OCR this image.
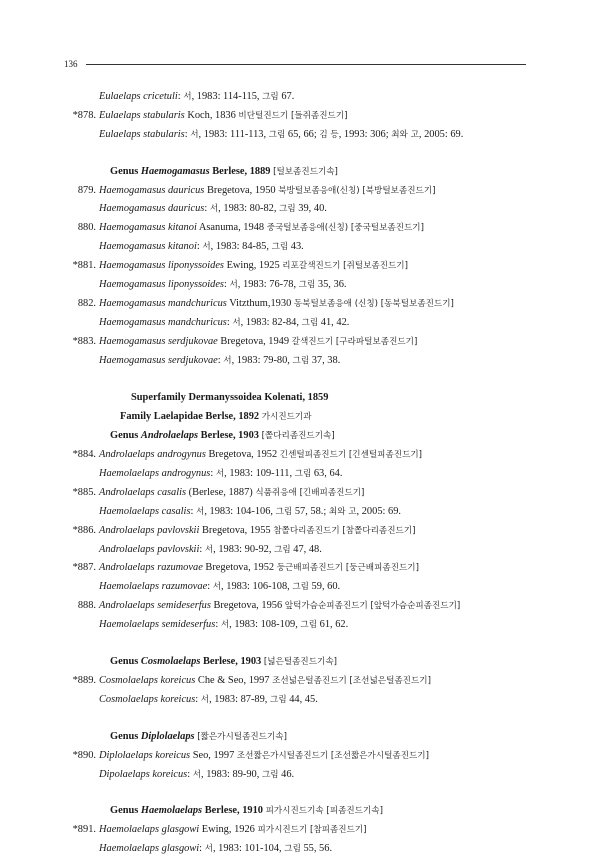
136
Eulaelaps cricetuli: 서, 1983: 114-115, 그림 67.
*878. Eulaelaps stabularis Koch, 1836 비단털진드기 [들쥐좀진드기]
Eulaelaps stabularis: 서, 1983: 111-113, 그림 65, 66; 김 등, 1993: 306; 최와 고, 2005: 69.
Genus Haemogamasus Berlese, 1889 [털보좀진드기속]
879. Haemogamasus dauricus Bregetova, 1950 북방털보좀응애(신칭) [북방털보좀진드기]
Haemogamasus dauricus: 서, 1983: 80-82, 그림 39, 40.
880. Haemogamasus kitanoi Asanuma, 1948 중국털보좀응애(신칭) [중국털보좀진드기]
Haemogamasus kitanoi: 서, 1983: 84-85, 그림 43.
*881. Haemogamasus liponyssoides Ewing, 1925 리포갈색진드기 [쥐털보좀진드기]
Haemogamasus liponyssoides: 서, 1983: 76-78, 그림 35, 36.
882. Haemogamasus mandchuricus Vitzthum,1930 동북털보좀응애 (신칭) [동북털보좀진드기]
Haemogamasus mandchuricus: 서, 1983: 82-84, 그림 41, 42.
*883. Haemogamasus serdjukovae Bregetova, 1949 갈색진드기 [구라파털보좀진드기]
Haemogamasus serdjukovae: 서, 1983: 79-80, 그림 37, 38.
Superfamily Dermanyssoidea Kolenati, 1859
Family Laelapidae Berlse, 1892 가시진드기과
Genus Androlaelaps Berlese, 1903 [쫄다리좀진드기속]
*884. Androlaelaps androgynus Bregetova, 1952 긴센털피좀진드기 [긴센털피좀진드기]
Haemolaelaps androgynus: 서, 1983: 109-111, 그림 63, 64.
*885. Androlaelaps casalis (Berlese, 1887) 식품쥐응애 [긴배피좀진드기]
Haemolaelaps casalis: 서, 1983: 104-106, 그림 57, 58.; 최와 고, 2005: 69.
*886. Androlaelaps pavlovskii Bregetova, 1955 참쫄다리좀진드기 [참쫄다리좀진드기]
Androlaelaps pavlovskii: 서, 1983: 90-92, 그림 47, 48.
*887. Androlaelaps razumovae Bregetova, 1952 둥근배피좀진드기 [둥근배피좀진드기]
Haemolaelaps razumovae: 서, 1983: 106-108, 그림 59, 60.
888. Androlaelaps semideserfus Bregetova, 1956 앞턱가슴순피좀진드기 [앞턱가슴순피좀진드기]
Haemolaelaps semideserfus: 서, 1983: 108-109, 그림 61, 62.
Genus Cosmolaelaps Berlese, 1903 [넓은털좀진드기속]
*889. Cosmolaelaps koreicus Che & Seo, 1997 조선넓은털좀진드기 [조선넓은털좀진드기]
Cosmolaelaps koreicus: 서, 1983: 87-89, 그림 44, 45.
Genus Diplolaelaps [짧은가시털좀진드기속]
*890. Diplolaelaps koreicus Seo, 1997 조선짧은가시털좀진드기 [조선짧은가시털좀진드기]
Dipolaelaps koreicus: 서, 1983: 89-90, 그림 46.
Genus Haemolaelaps Berlese, 1910 피가시진드기속 [피좀진드기속]
*891. Haemolaelaps glasgowi Ewing, 1926 피가시진드기 [참피좀진드기]
Haemolaelaps glasgowi: 서, 1983: 101-104, 그림 55, 56.
